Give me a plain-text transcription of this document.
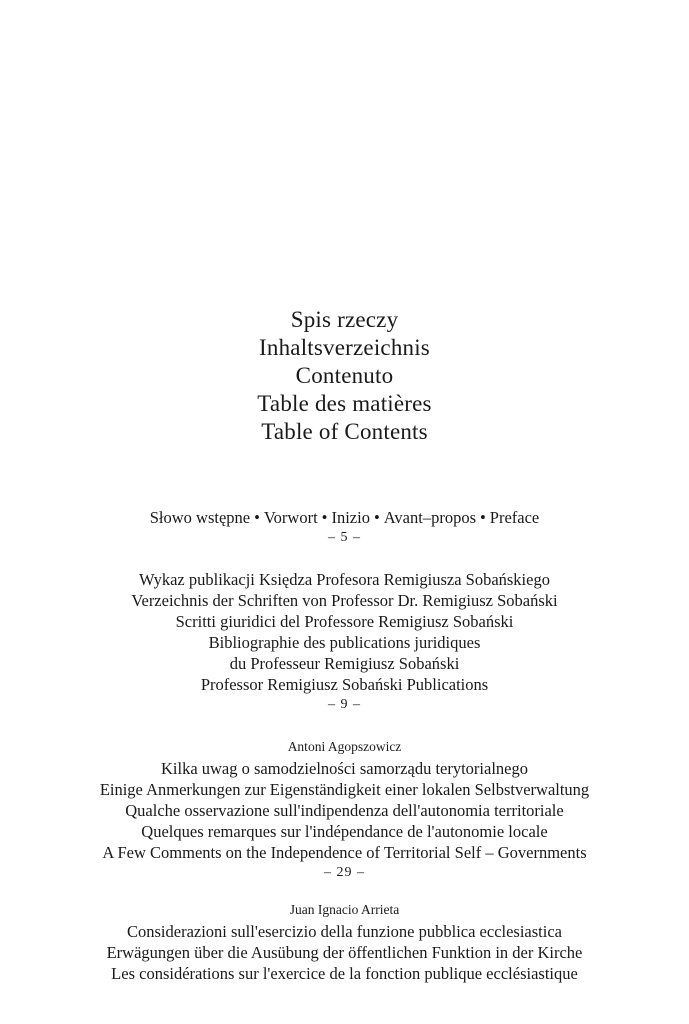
Spis rzeczy
Inhaltsverzeichnis
Contenuto
Table des matières
Table of Contents
Słowo wstępne • Vorwort • Inizio • Avant–propos • Preface
– 5 –
Wykaz publikacji Księdza Profesora Remigiusza Sobańskiego
Verzeichnis der Schriften von Professor Dr. Remigiusz Sobański
Scritti giuridici del Professore Remigiusz Sobański
Bibliographie des publications juridiques
du Professeur Remigiusz Sobański
Professor Remigiusz Sobański Publications
– 9 –
Antoni Agopszowicz
Kilka uwag o samodzielności samorządu terytorialnego
Einige Anmerkungen zur Eigenständigkeit einer lokalen Selbstverwaltung
Qualche osservazione sull'indipendenza dell'autonomia territoriale
Quelques remarques sur l'indépendance de l'autonomie locale
A Few Comments on the Independence of Territorial Self – Governments
– 29 –
Juan Ignacio Arrieta
Considerazioni sull'esercizio della funzione pubblica ecclesiastica
Erwägungen über die Ausübung der öffentlichen Funktion in der Kirche
Les considérations sur l'exercice de la fonction publique ecclésiastique
